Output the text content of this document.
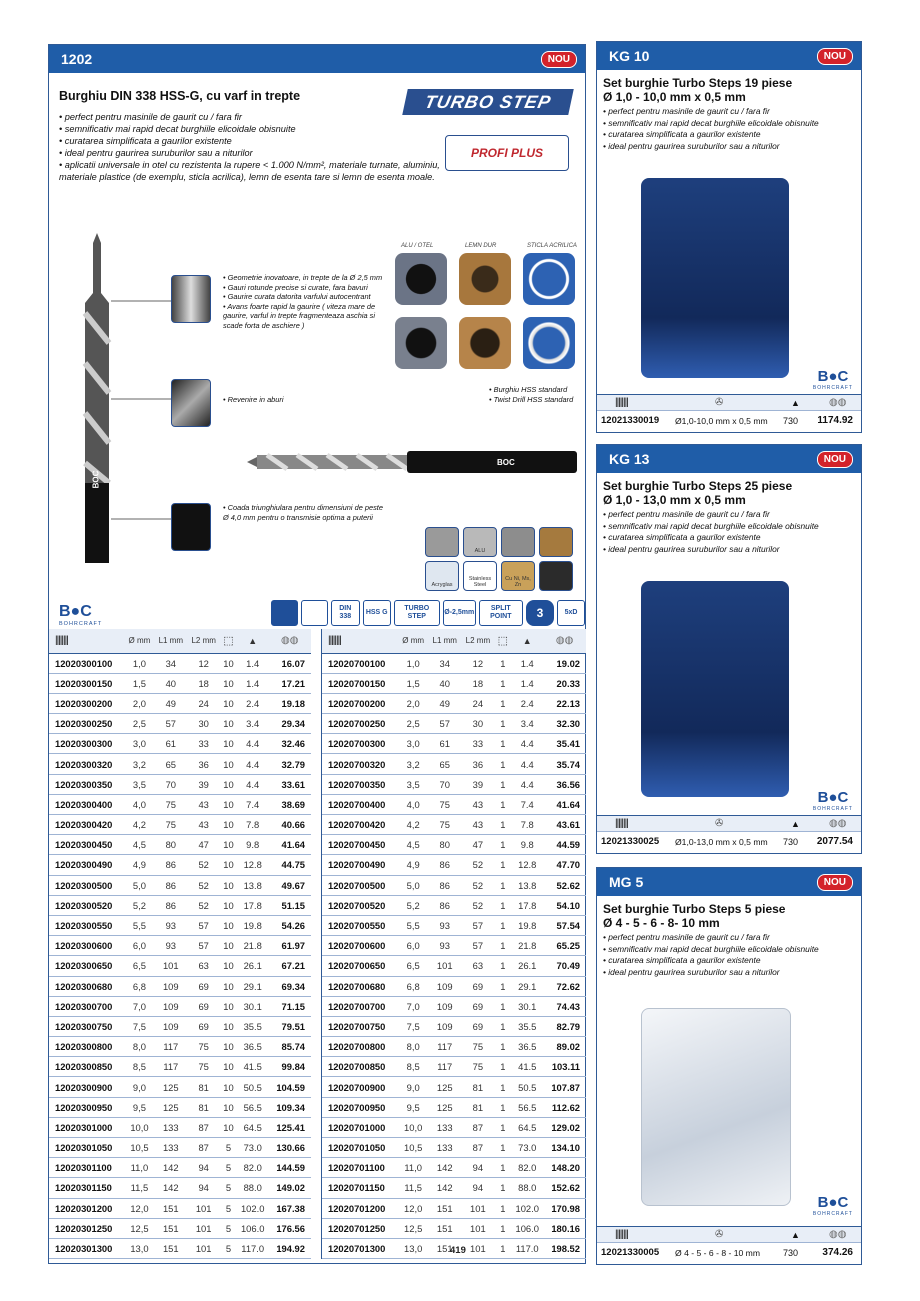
1202	NOU
Burghiu DIN 338 HSS-G, cu varf in trepte
• perfect pentru masinile de gaurit cu / fara fir
• semnificativ mai rapid decat burghiile elicoidale obisnuite
• curatarea simplificata a gaurilor existente
• ideal pentru gaurirea suruburilor sau a niturilor
• aplicatii universale in otel cu rezistenta la rupere < 1.000 N/mm², materiale turnate, aluminiu,
materiale plastice (de exemplu, sticla acrilica), lemn de esenta tare si lemn de esenta moale.
TURBO STEP
PROFI PLUS
BOC
• Geometrie inovatoare, in trepte de la Ø 2,5 mm
• Gauri rotunde precise si curate, fara bavuri
• Gaurire curata datorita varfului autocentrant
• Avans foarte rapid la gaurire ( viteza mare de
gaurire, varful in trepte fragmenteaza aschia si
scade forta de aschiere )
• Revenire in aburi
• Coada triunghiulara pentru dimensiuni de peste
Ø 4,0 mm pentru o transmisie optima a puterii
ALU / OTEL	LEMN DUR	STICLA ACRILICA
• Burghiu HSS standard
• Twist Drill HSS standard
BOC
ALU
Acryglas
Stainless Steel
Cu Ni, Ms, Zn
B●C
BOHRCRAFT
DIN 338
HSS G
TURBO STEP
Ø-2,5mm
SPLIT POINT	3	5xD
||||||||	Ø mm	L1 mm	L2 mm	⬚	▲	◍◍
12020300100	1,0	34	12	10	1.4	16.07
12020300150	1,5	40	18	10	1.4	17.21
12020300200	2,0	49	24	10	2.4	19.18
12020300250	2,5	57	30	10	3.4	29.34
12020300300	3,0	61	33	10	4.4	32.46
12020300320	3,2	65	36	10	4.4	32.79
12020300350	3,5	70	39	10	4.4	33.61
12020300400	4,0	75	43	10	7.4	38.69
12020300420	4,2	75	43	10	7.8	40.66
12020300450	4,5	80	47	10	9.8	41.64
12020300490	4,9	86	52	10	12.8	44.75
12020300500	5,0	86	52	10	13.8	49.67
12020300520	5,2	86	52	10	17.8	51.15
12020300550	5,5	93	57	10	19.8	54.26
12020300600	6,0	93	57	10	21.8	61.97
12020300650	6,5	101	63	10	26.1	67.21
12020300680	6,8	109	69	10	29.1	69.34
12020300700	7,0	109	69	10	30.1	71.15
12020300750	7,5	109	69	10	35.5	79.51
12020300800	8,0	117	75	10	36.5	85.74
12020300850	8,5	117	75	10	41.5	99.84
12020300900	9,0	125	81	10	50.5	104.59
12020300950	9,5	125	81	10	56.5	109.34
12020301000	10,0	133	87	10	64.5	125.41
12020301050	10,5	133	87	5	73.0	130.66
12020301100	11,0	142	94	5	82.0	144.59
12020301150	11,5	142	94	5	88.0	149.02
12020301200	12,0	151	101	5	102.0	167.38
12020301250	12,5	151	101	5	106.0	176.56
12020301300	13,0	151	101	5	117.0	194.92
||||||||	Ø mm	L1 mm	L2 mm	⬚	▲	◍◍
12020700100	1,0	34	12	1	1.4	19.02
12020700150	1,5	40	18	1	1.4	20.33
12020700200	2,0	49	24	1	2.4	22.13
12020700250	2,5	57	30	1	3.4	32.30
12020700300	3,0	61	33	1	4.4	35.41
12020700320	3,2	65	36	1	4.4	35.74
12020700350	3,5	70	39	1	4.4	36.56
12020700400	4,0	75	43	1	7.4	41.64
12020700420	4,2	75	43	1	7.8	43.61
12020700450	4,5	80	47	1	9.8	44.59
12020700490	4,9	86	52	1	12.8	47.70
12020700500	5,0	86	52	1	13.8	52.62
12020700520	5,2	86	52	1	17.8	54.10
12020700550	5,5	93	57	1	19.8	57.54
12020700600	6,0	93	57	1	21.8	65.25
12020700650	6,5	101	63	1	26.1	70.49
12020700680	6,8	109	69	1	29.1	72.62
12020700700	7,0	109	69	1	30.1	74.43
12020700750	7,5	109	69	1	35.5	82.79
12020700800	8,0	117	75	1	36.5	89.02
12020700850	8,5	117	75	1	41.5	103.11
12020700900	9,0	125	81	1	50.5	107.87
12020700950	9,5	125	81	1	56.5	112.62
12020701000	10,0	133	87	1	64.5	129.02
12020701050	10,5	133	87	1	73.0	134.10
12020701100	11,0	142	94	1	82.0	148.20
12020701150	11,5	142	94	1	88.0	152.62
12020701200	12,0	151	101	1	102.0	170.98
12020701250	12,5	151	101	1	106.0	180.16
12020701300	13,0	151	101	1	117.0	198.52
419
KG 10	NOU
Set burghie Turbo Steps 19 piese
Ø 1,0 - 10,0 mm x 0,5 mm
• perfect pentru masinile de gaurit cu / fara fir
• semnificativ mai rapid decat burghiile elicoidale obisnuite
• curatarea simplificata a gaurilor existente
• ideal pentru gaurirea suruburilor sau a niturilor
B●C
BOHRCRAFT
||||||||	✇	▲	◍◍
12021330019 Ø1,0-10,0 mm x 0,5 mm 730 1174.92
KG 13	NOU
Set burghie Turbo Steps 25 piese
Ø 1,0 - 13,0 mm x 0,5 mm
• perfect pentru masinile de gaurit cu / fara fir
• semnificativ mai rapid decat burghiile elicoidale obisnuite
• curatarea simplificata a gaurilor existente
• ideal pentru gaurirea suruburilor sau a niturilor
B●C
BOHRCRAFT
||||||||	✇	▲	◍◍
12021330025 Ø1,0-13,0 mm x 0,5 mm 730 2077.54
MG 5	NOU
Set burghie Turbo Steps 5 piese
Ø 4 - 5 - 6 - 8- 10 mm
• perfect pentru masinile de gaurit cu / fara fir
• semnificativ mai rapid decat burghiile elicoidale obisnuite
• curatarea simplificata a gaurilor existente
• ideal pentru gaurirea suruburilor sau a niturilor
B●C
BOHRCRAFT
||||||||	✇	▲	◍◍
12021330005 Ø 4 - 5 - 6 - 8 - 10 mm	730 374.26
